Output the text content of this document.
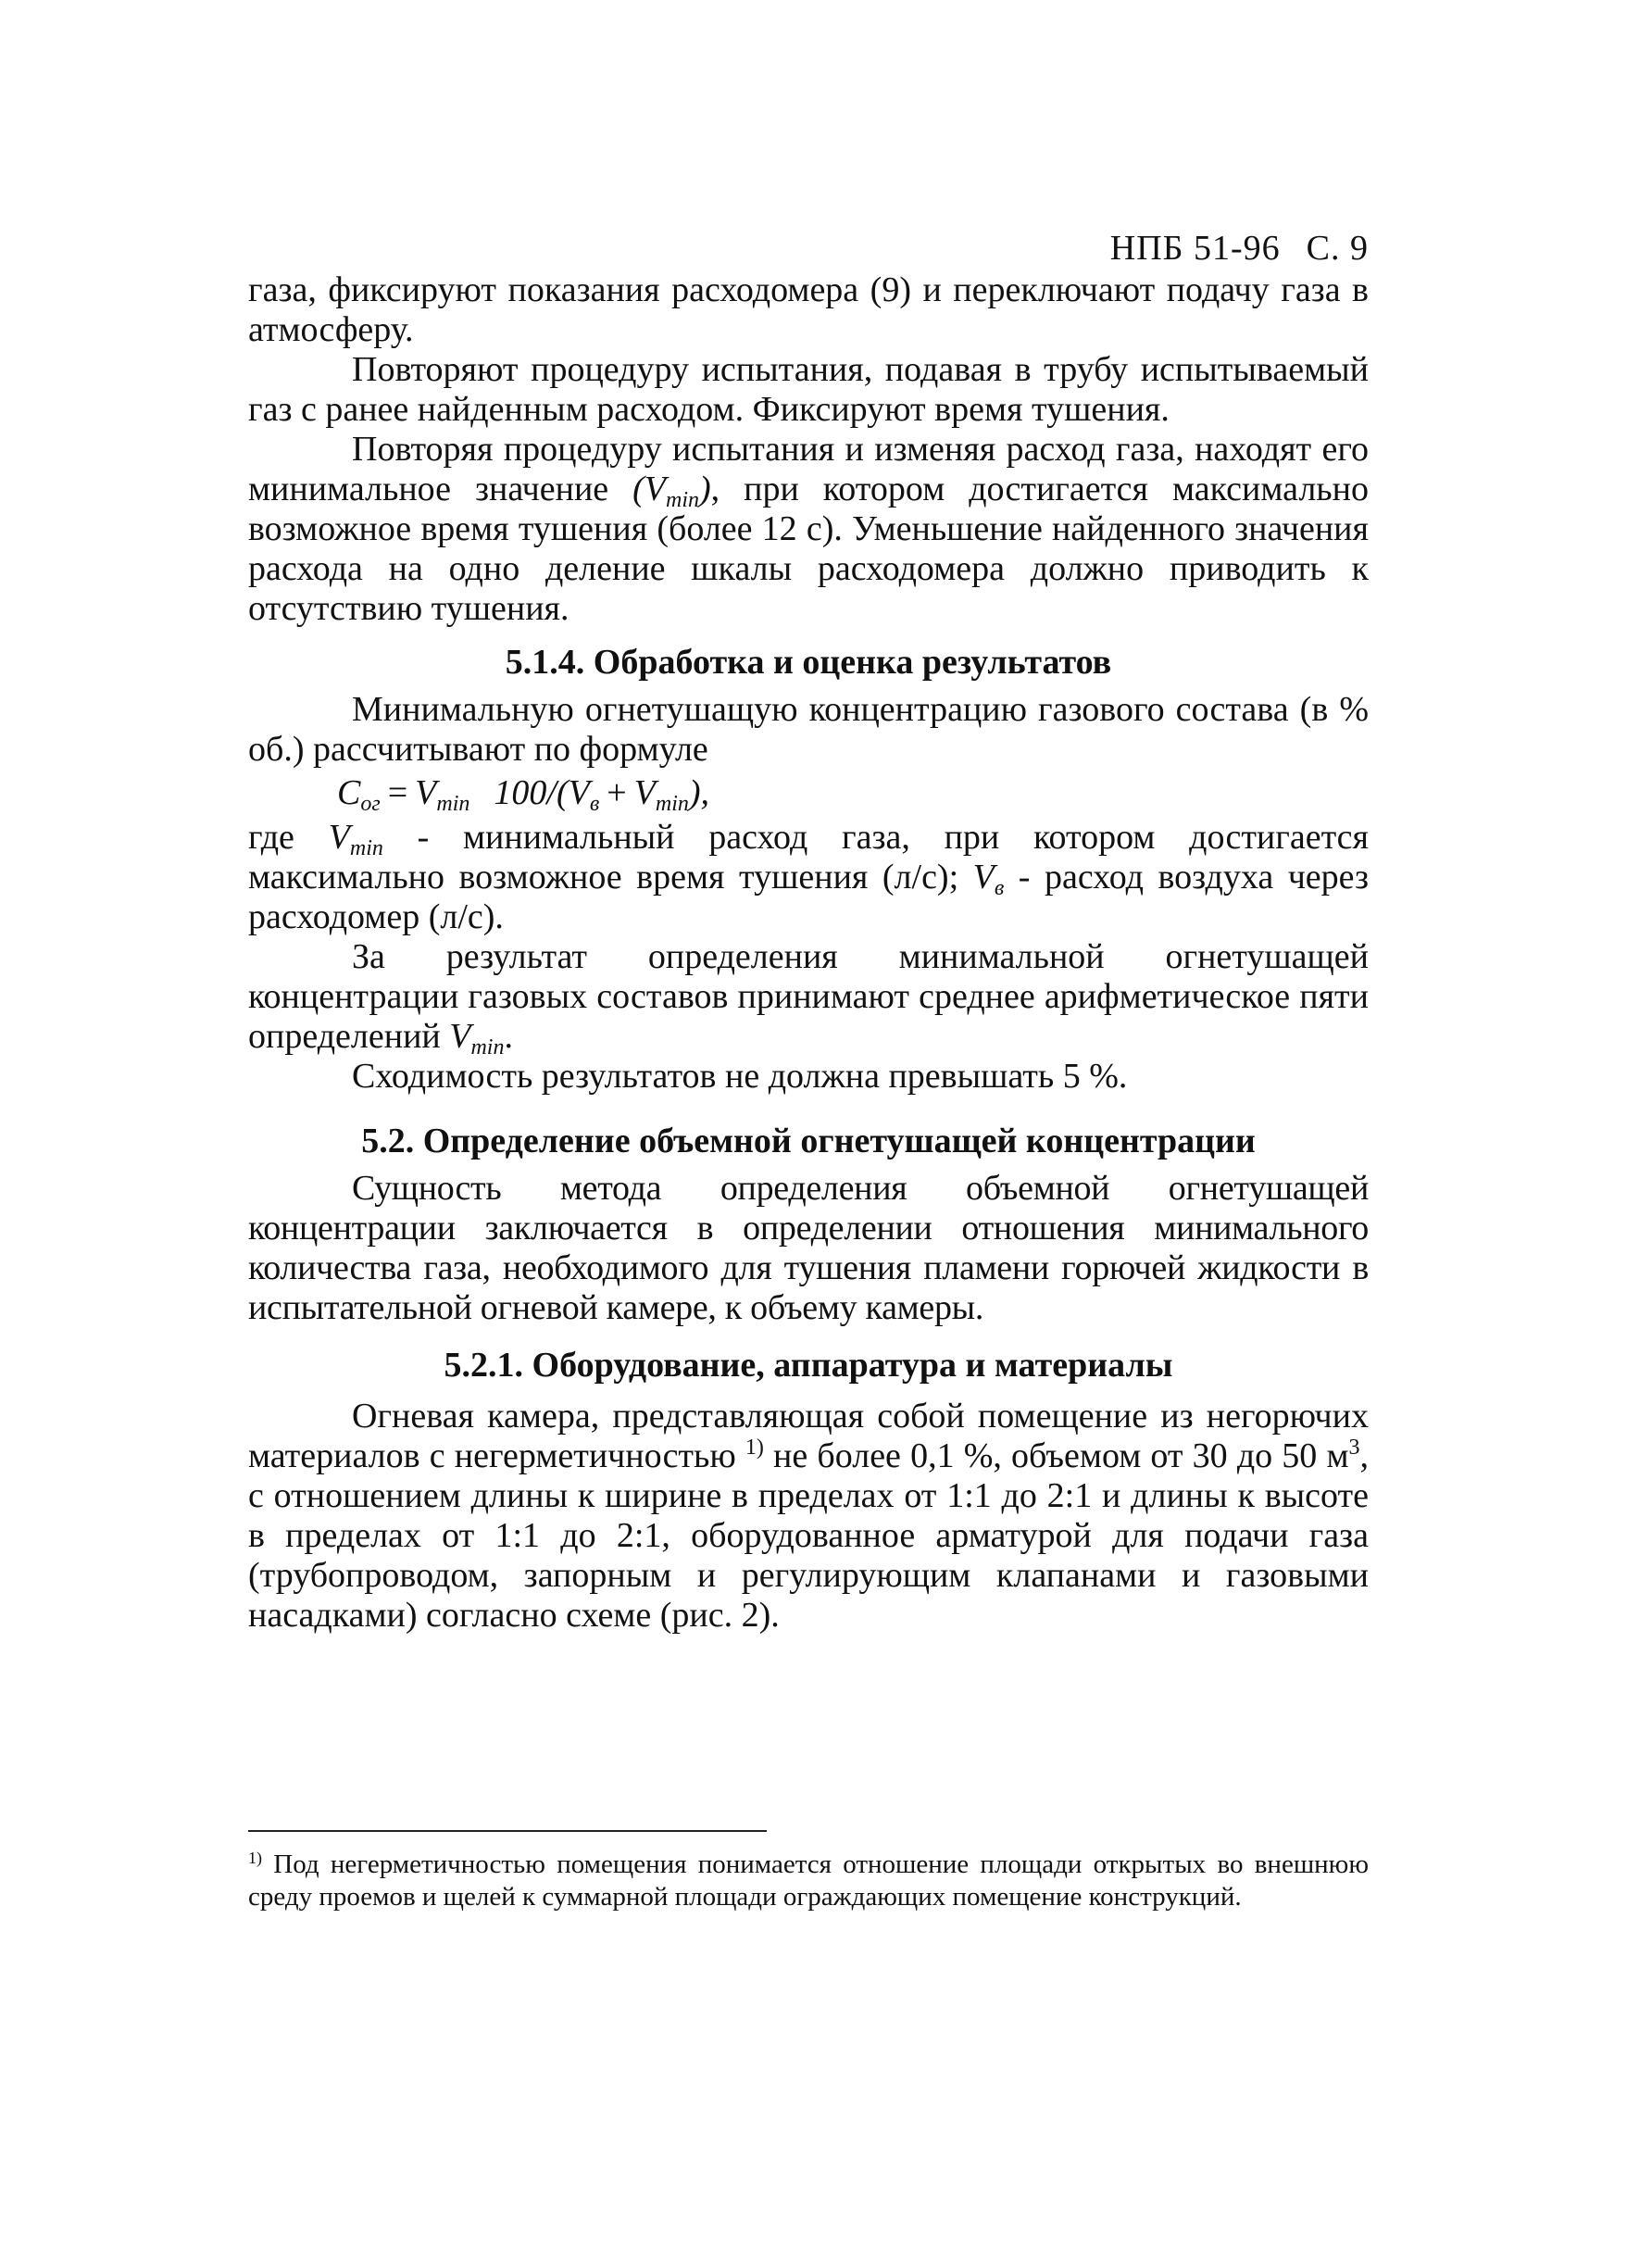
НПБ 51-96 С. 9

газа, фиксируют показания расходомера (9) и переключают подачу газа в атмосферу.

Повторяют процедуру испытания, подавая в трубу испытываемый газ с ранее найденным расходом. Фиксируют время тушения.

Повторяя процедуру испытания и изменяя расход газа, находят его минимальное значение $(V_{min})$, при котором достигается максимально возможное время тушения (более 12 с). Уменьшение найденного значения расхода на одно деление шкалы расходомера должно приводить к отсутствию тушения.

5.1.4. Обработка и оценка результатов

Минимальную огнетушащую концентрацию газового состава (в % об.) рассчитывают по формуле

$C_{ог} = V_{min}$ $100/(V_в + V_{min})$,

где $V_{min}$ - минимальный расход газа, при котором достигается максимально возможное время тушения (л/с); $V_в$ - расход воздуха через расходомер (л/с).

За результат определения минимальной огнетушащей концентрации газовых составов принимают среднее арифметическое пяти определений $V_{min}$.

Сходимость результатов не должна превышать 5 %.

5.2. Определение объемной огнетушащей концентрации

Сущность метода определения объемной огнетушащей концентрации заключается в определении отношения минимального количества газа, необходимого для тушения пламени горючей жидкости в испытательной огневой камере, к объему камеры.

5.2.1. Оборудование, аппаратура и материалы

Огневая камера, представляющая собой помещение из негорючих материалов с негерметичностью $^{1)}$ не более 0,1 %, объемом от 30 до 50 $м^3$, с отношением длины к ширине в пределах от 1:1 до 2:1 и длины к высоте в пределах от 1:1 до 2:1, оборудованное арматурой для подачи газа (трубопроводом, запорным и регулирующим клапанами и газовыми насадками) согласно схеме (рис. 2).

$^{1)}$ Под негерметичностью помещения понимается отношение площади открытых во внешнюю среду проемов и щелей к суммарной площади ограждающих помещение конструкций.
